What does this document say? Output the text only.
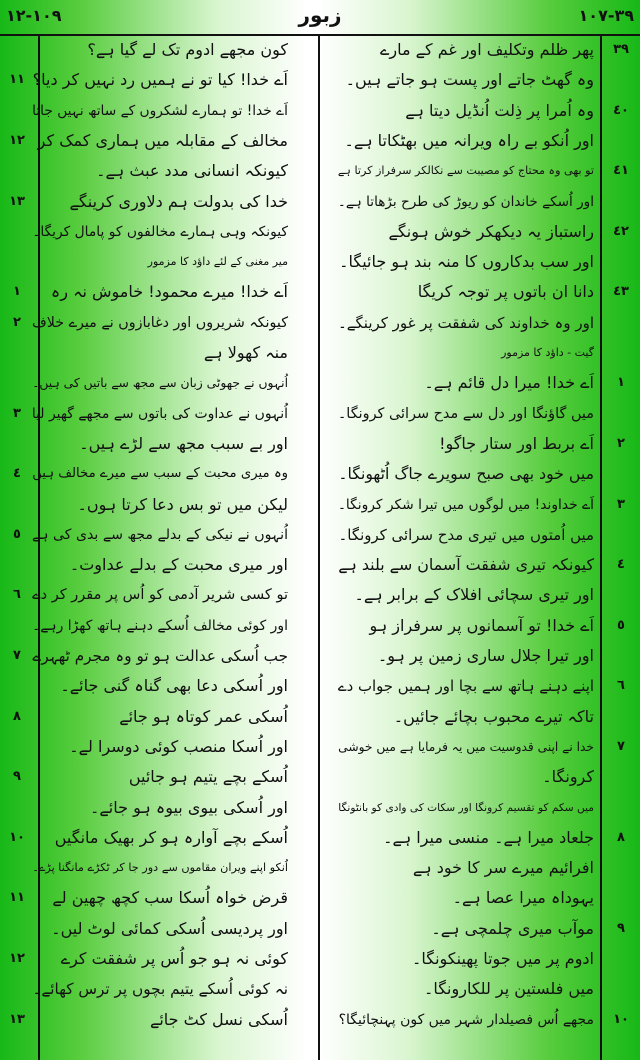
١٠٩-١٢	زبور	٣٩-١٠٧
٣٩
پھر ظلم وتکلیف اور غم کے مارے
وہ گھٹ جاتے اور پست ہو جاتے ہیں۔
٤٠
وہ اُمرا پر ذِلت اُنڈیل دیتا ہے
اور اُنکو بے راہ ویرانہ میں بھٹکاتا ہے۔
٤١
تو بھی وہ محتاج کو مصیبت سے نکالکر سرفراز کرتا ہے
اور اُسکے خاندان کو ریوڑ کی طرح بڑھاتا ہے۔
٤٢
راستباز یہ دیکھکر خوش ہونگے
اور سب بدکاروں کا منہ بند ہو جائیگا۔
٤٣
دانا ان باتوں پر توجہ کریگا
اور وہ خداوند کی شفقت پر غور کرینگے۔
گیت - داؤد کا مزمور
١
اَے خدا! میرا دل قائم ہے۔
میں گاؤنگا اور دل سے مدح سرائی کرونگا۔
٢
اَے بربط اور ستار جاگو!
میں خود بھی صبح سویرے جاگ اُٹھونگا۔
٣
اَے خداوند! میں لوگوں میں تیرا شکر کرونگا۔
میں اُمتوں میں تیری مدح سرائی کرونگا۔
٤
کیونکہ تیری شفقت آسمان سے بلند ہے
اور تیری سچائی افلاک کے برابر ہے۔
٥
اَے خدا! تو آسمانوں پر سرفراز ہو
اور تیرا جلال ساری زمین پر ہو۔
٦
اپنے دہنے ہاتھ سے بچا اور ہمیں جواب دے
تاکہ تیرے محبوب بچائے جائیں۔
٧
خدا نے اپنی قدوسیت میں یہ فرمایا ہے میں خوشی
کرونگا۔
میں سکم کو تقسیم کرونگا اور سکات کی وادی کو بانٹونگا
٨
جلعاد میرا ہے۔ منسی میرا ہے۔
افرائیم میرے سر کا خود ہے
یہوداہ میرا عصا ہے۔
٩
موآب میری چلمچی ہے۔
ادوم پر میں جوتا پھینکونگا۔
میں فلستین پر للکارونگا۔
١٠
مجھے اُس فصیلدار شہر میں کون پہنچائیگا؟
کون مجھے ادوم تک لے گیا ہے؟
١١ اَے خدا! کیا تو نے ہمیں رد نہیں کر دیا؟
اَے خدا! تو ہمارے لشکروں کے ساتھ نہیں جاتا
١٢ مخالف کے مقابلہ میں ہماری کمک کر
کیونکہ انسانی مدد عبث ہے۔
١٣	خدا کی بدولت ہم دلاوری کرینگے
کیونکہ وہی ہمارے مخالفوں کو پامال کریگا۔
میر مغنی کے لئے داؤد کا مزمور
١	اَے خدا! میرے محمود! خاموش نہ رہ
٢ کیونکہ شریروں اور دغابازوں نے میرے خلاف
منہ کھولا ہے
اُنہوں نے جھوٹی زبان سے مجھ سے باتیں کی ہیں۔
٣ اُنہوں نے عداوت کی باتوں سے مجھے گھیر لیا
اور بے سبب مجھ سے لڑے ہیں۔
٤ وہ میری محبت کے سبب سے میرے مخالف ہیں
لیکن میں تو بس دعا کرتا ہوں۔
٥ اُنہوں نے نیکی کے بدلے مجھ سے بدی کی ہے
اور میری محبت کے بدلے عداوت۔
٦ تو کسی شریر آدمی کو اُس پر مقرر کر دے
اور کوئی مخالف اُسکے دہنے ہاتھ کھڑا رہے۔
٧ جب اُسکی عدالت ہو تو وہ مجرم ٹھہرے
اور اُسکی دعا بھی گناہ گنی جائے۔
٨	اُسکی عمر کوتاہ ہو جائے
اور اُسکا منصب کوئی دوسرا لے۔
٩	اُسکے بچے یتیم ہو جائیں
اور اُسکی بیوی بیوہ ہو جائے۔
١٠	اُسکے بچے آوارہ ہو کر بھیک مانگیں
اُنکو اپنے ویران مقاموں سے دور جا کر ٹکڑے مانگنا پڑے۔
١١	قرض خواہ اُسکا سب کچھ چھین لے
اور پردیسی اُسکی کمائی لوٹ لیں۔
١٢	کوئی نہ ہو جو اُس پر شفقت کرے
نہ کوئی اُسکے یتیم بچوں پر ترس کھائے۔
١٣	اُسکی نسل کٹ جائے
